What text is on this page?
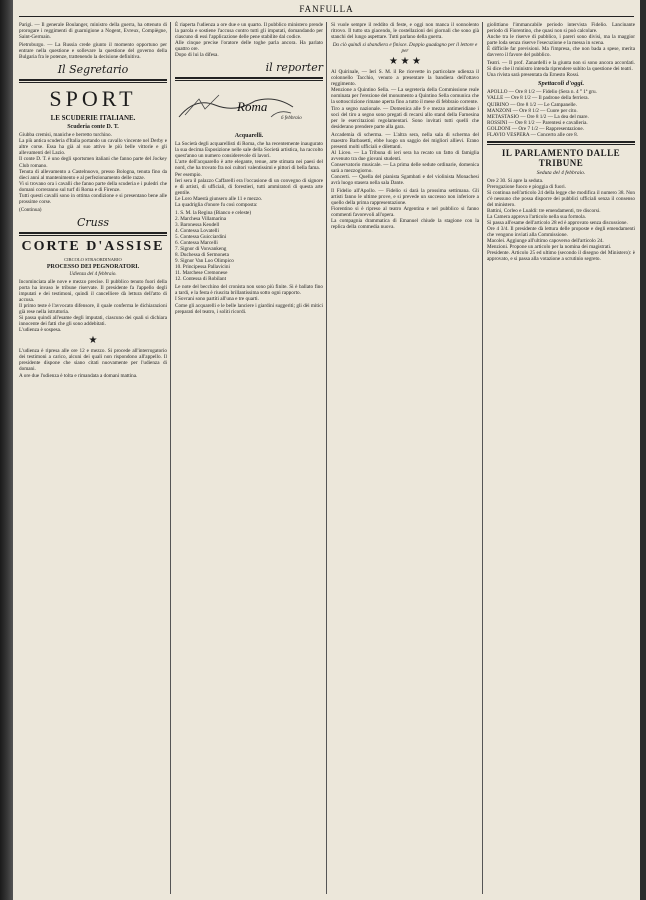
FANFULLA

Parigi. — Il generale Boulanger, ministro della guerra, ha ottenuto di prorogare i reggimenti di guarnigione a Nogent, Evreux, Compiègne, Saint-Germain.

Pietroburgo. — La Russia crede giunto il momento opportuno per entrare nella questione e sollevare la questione del governo della Bulgaria fra le potenze, trattenendo la decisione definitiva.

Il Segretario
SPORT
LE SCUDERIE ITALIANE.
Scuderia conte D. T.

Giubba cremisi, maniche e berretto turchino.
La più antica scuderia d'Italia portando un cavallo vincente nel Derby e altre corse. Essa ha già al suo attivo le più belle vittorie e gli allevamenti del Lazio.
Il conte D. T. è uno degli sportsmen italiani che fanno parte del Jockey Club romano.
Tenuta di allevamento a Castelnuovo, presso Bologna, tenuta fino da dieci anni al mantenimento e al perfezionamento delle razze.
Vi si trovano ora i cavalli che fanno parte della scuderia e i puledri che domani correranno sul turf di Roma e di Firenze.
Tutti questi cavalli sono in ottima condizione e si presentano bene alle prossime corse.

(Continua)

Cruss
CORTE D'ASSISE
CIRCOLO STRAORDINARIO
PROCESSO DEI PEGNORATORI.
Udienza del 4 febbraio.

Incominciata alle nove e mezzo precise. Il pubblico tenuto fuori della porta ha invaso le tribune riservate. Il presidente fa l'appello degli imputati e dei testimoni, quindi il cancelliere dà lettura dell'atto di accusa.
Il primo teste è l'avvocato difensore, il quale conferma le dichiarazioni già rese nella istruttoria.
Si passa quindi all'esame degli imputati, ciascuno dei quali si dichiara innocente dei fatti che gli sono addebitati.
L'udienza è sospesa.

★

L'udienza è ripresa alle ore 12 e mezzo. Si procede all'interrogatorio dei testimoni a carico, alcuni dei quali non rispondono all'appello. Il presidente dispone che siano citati nuovamente per l'udienza di domani.
A ore due l'udienza è tolta e rimandata a domani mattina.

È riaperta l'udienza a ore due e un quarto. Il pubblico ministero prende la parola e sostiene l'accusa contro tutti gli imputati, domandando per ciascuno di essi l'applicazione delle pene stabilite dal codice.
Alle cinque precise l'oratore delle toghe parla ancora. Ha parlato quattro ore.
Dopo di lui la difesa.

il reporter
Roma
6 febbraio
Acquarelli.

La Società degli acquarellisti di Roma, che ha recentemente inaugurato la sua decima Esposizione nelle sale della Società artistica, ha raccolto quest'anno un numero considerevole di lavori.
L'arte dell'acquarello è arte elegante, tenue, arte stimata nei paesi del nord, che ha trovato fra noi cultori valentissimi e pittori di bella fama.
Per esempio.
Ieri sera il palazzo Caffarelli era l'occasione di un convegno di signore e di artisti, di ufficiali, di forestieri, tutti ammiratori di questa arte gentile.
Le Loro Maestà giunsero alle 11 e mezzo.
La quadriglia d'onore fu così composta:

1. S. M. la Regina (Bianco e celeste)

2. Marchesa Villamarina

3. Baronessa Keudell

4. Contessa Lovatelli

5. Contessa Guicciardini

6. Contessa Marcelli

7. Signor di Vonvankeng

8. Duchessa di Sermoneta

9. Signor Van Loo Olimpico

10. Principessa Pallavicini

11. Marchese Cremonese

12. Contessa di Robilant

Le note del becchino del cronista non sono più finite. Si è ballato fino a tardi, e la festa è riuscita brillantissima sotto ogni rapporto.
I Sovrani sono partiti all'una e tre quarti.
Come gli acquarelli e le belle lanciere i giardini suggeriti; gli dèi mitici preparati del teatro, i soliti ricordi.

Si vuole sempre il reddito di feste, e oggi non manca il sonnolento ritrovo. Il tutto sta giacendo, le costellazioni dei giornali che sono già stanchi del lungo aspettare. Tutti parlano della guerra.

Da ciò quindi si sbandiera e finisce. Doppio guadagno per il lettore e per

★ ★ ★

Al Quirinale, — Ieri S. M. il Re ricevette in particolare udienza il colonnello Tacchio, venuto a presentare la bandiera dell'ottavo reggimento.
Menzione a Quintino Sella. — La segreteria della Commissione reale nominata per l'erezione del monumento a Quintino Sella comunica che la sottoscrizione rimane aperta fino a tutto il mese di febbraio corrente.
Tiro a segno nazionale. — Domenica alle 9 e mezzo antimeridiane i soci del tiro a segno sono pregati di recarsi allo stand della Farnesina per le esercitazioni regolamentari. Sono invitati tutti quelli che desiderano prendere parte alla gara.

Accademia di scherma. — L'altra sera, nella sala di scherma del maestro Barbasetti, ebbe luogo un saggio dei migliori allievi. Erano presenti molti ufficiali e dilettanti.
Al Liceo. — La Tribuna di ieri sera ha recato un fatto di famiglia avvenuto tra due giovani studenti.
Conservatorio musicale. — La prima delle sedute ordinarie, domenica sarà a mezzogiorno.
Concerti. — Quella del pianista Sgambati e del violinista Monachesi avrà luogo stasera nella sala Dante.

Il Fidelio all'Apollo. — Fidelio si darà la prossima settimana. Gli artisti fanno le ultime prove, e si prevede un successo non inferiore a quello della prima rappresentazione.
Fiorentino si è ripreso al teatro Argentina e nel pubblico si fanno commenti favorevoli all'opera.
La compagnia drammatica di Emanuel chiude la stagione con la replica della commedia nuova.

giolittiano l'immancabile periodo intervista Fidelio. Lancinante periodo di Fiorentino, che quasi non si può calcolare.
Anche tra le riserve di pubblico, i pareri sono divisi, ma la maggior parte loda senza riserve l'esecuzione e la messa in scena.
È difficile far previsioni. Ma l'impresa, che non bada a spese, merita davvero il favore del pubblico.

Teatri. — Il prof. Zanardelli e la giunta non si sono ancora accordati. Si dice che il ministro intenda riprendere subito la questione dei teatri.
Una rivista sarà presentata da Ernesto Rossi.

Spettacoli d'oggi.

APOLLO — Ore 8 1/2 — Fidelio (Sera n. 4 ° 1ª gru.

VALLE — Ore 8 1/2 — Il padrone della ferriera.

QUIRINO — Ore 8 1/2 — Le Campanelle.

MANZONI — Ore 8 1/2 — Cuore per cito.

METASTASIO — Ore 8 1/2 — La dea del mare.

ROSSINI — Ore 8 1/2 — Parentesi e cavalleria.

GOLDONI — Ore 7 1/2 — Rappresentazione.

FLAVIO VESPERA — Concerto alle ore 8.

IL PARLAMENTO DALLE TRIBUNE
Seduta del 4 febbraio.

Ore 2 30. Si apre la seduta.
Prerogazione fuoco e pioggia di fuori.
Si continua nell'articolo 24 della legge che modifica il numero 38. Non c'è nessuno che possa disporre dei pubblici ufficiali senza il consenso del ministero.
Battini, Corleo e Lualdi: tre emendamenti, tre discorsi.
La Camera approva l'articolo nella sua formola.
Si passa all'esame dell'articolo 28 ed è approvato senza discussione.
Ore 4 3/4. Il presidente dà lettura delle proposte e degli emendamenti che vengono inviati alla Commissione.
Macolei. Aggiunge all'ultimo capoverso dell'articolo 24.
Menzioni. Propone un articolo per la nomina dei magistrati.
Presidente. Articolo 25 ed ultimo (secondo il disegno del Ministero): è approvato, e si passa alla votazione a scrutinio segreto.
